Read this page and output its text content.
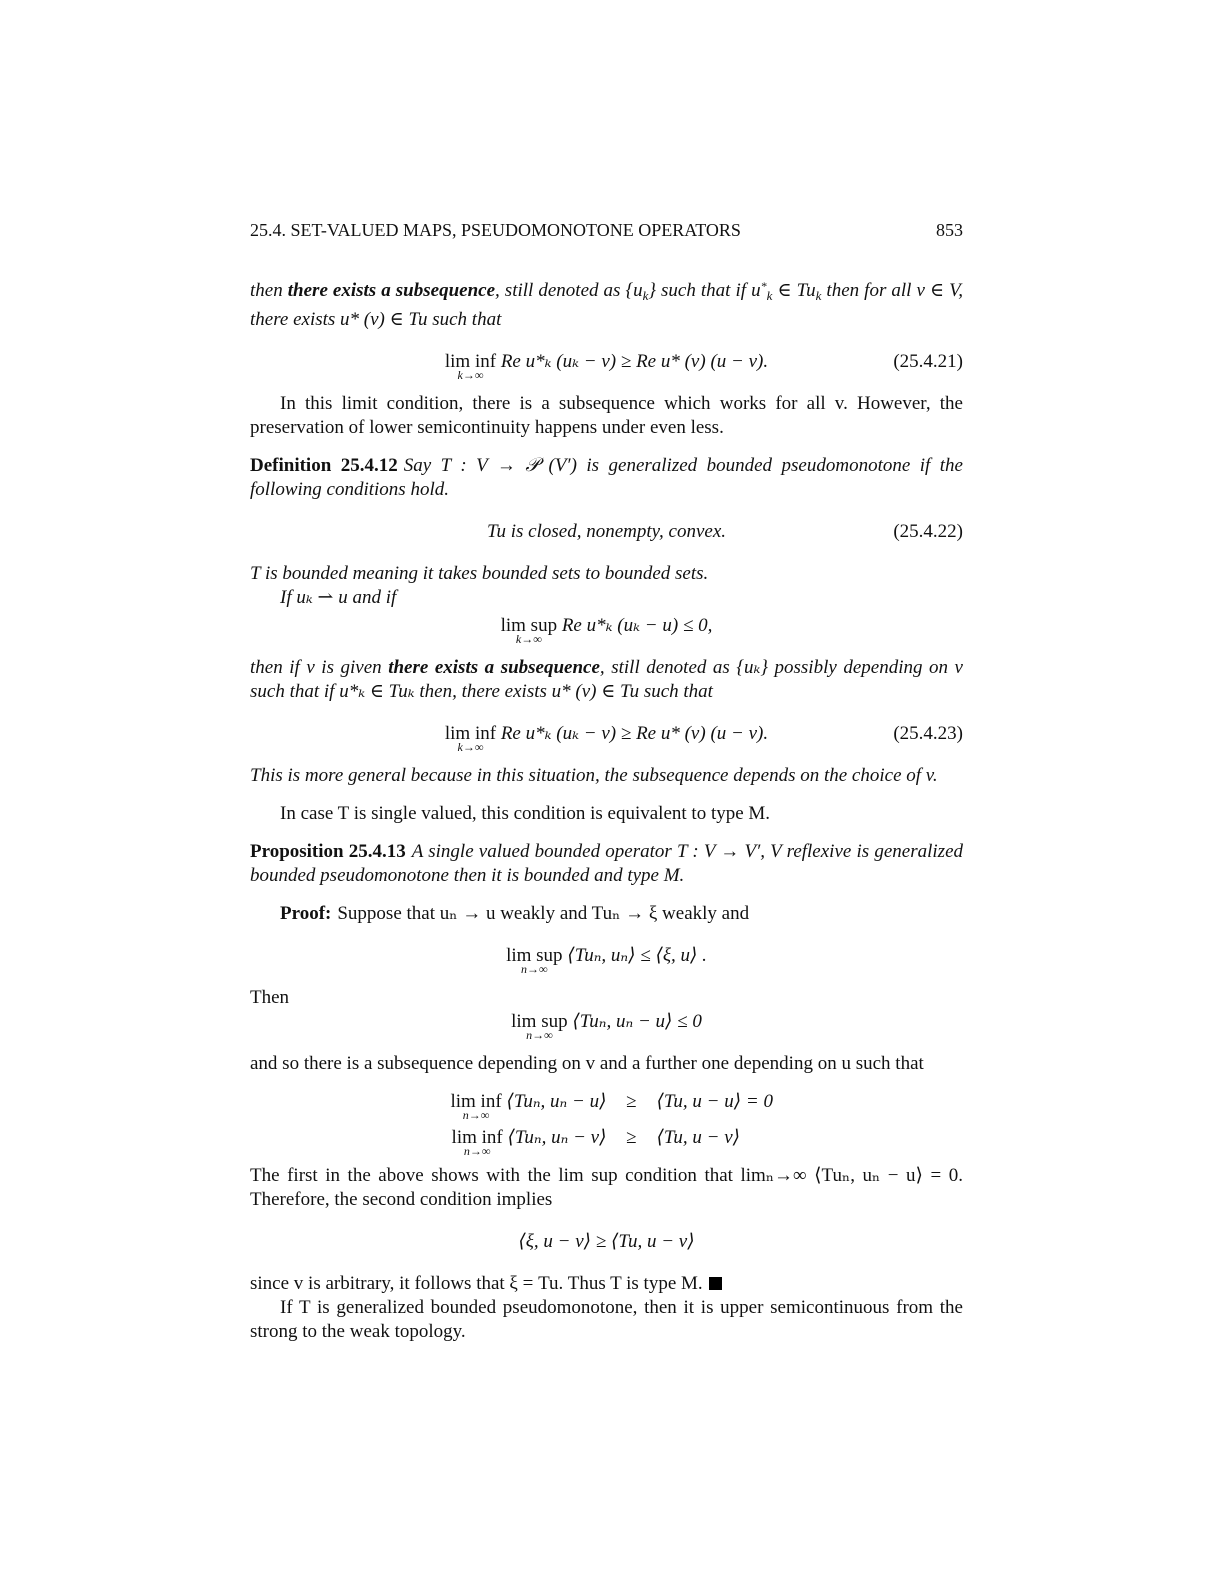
25.4. SET-VALUED MAPS, PSEUDOMONOTONE OPERATORS	853

then there exists a subsequence, still denoted as $\{u_k\}$ such that if $u^*_k$ ∈ $Tu_k$ then for all v ∈ V, there exists u* (v) ∈ Tu such that

lim inf
k→∞
Re u*ₖ (uₖ − v) ≥ Re u* (v) (u − v).	(25.4.21)

In this limit condition, there is a subsequence which works for all v. However, the preservation of lower semicontinuity happens under even less.

Definition 25.4.12 Say T : V → 𝒫 (V′) is generalized bounded pseudomonotone if the following conditions hold.

Tu is closed, nonempty, convex.	(25.4.22)

T is bounded meaning it takes bounded sets to bounded sets.

If uₖ ⇀ u and if

lim sup
k→∞
Re u*ₖ (uₖ − u) ≤ 0,

then if v is given there exists a subsequence, still denoted as {uₖ} possibly depending on v such that if u*ₖ ∈ Tuₖ then, there exists u* (v) ∈ Tu such that

lim inf
k→∞
Re u*ₖ (uₖ − v) ≥ Re u* (v) (u − v).	(25.4.23)

This is more general because in this situation, the subsequence depends on the choice of v.

In case T is single valued, this condition is equivalent to type M.

Proposition 25.4.13 A single valued bounded operator T : V → V′, V reflexive is generalized bounded pseudomonotone then it is bounded and type M.

Proof: Suppose that uₙ → u weakly and Tuₙ → ξ weakly and

lim sup
n→∞
⟨Tuₙ, uₙ⟩ ≤ ⟨ξ, u⟩ .

Then

lim sup
n→∞
⟨Tuₙ, uₙ − u⟩ ≤ 0

and so there is a subsequence depending on v and a further one depending on u such that

lim inf
n→∞
⟨Tuₙ, uₙ − u⟩	≥	⟨Tu, u − u⟩ = 0
lim inf
n→∞
⟨Tuₙ, uₙ − v⟩	≥	⟨Tu, u − v⟩

The first in the above shows with the lim sup condition that limₙ→∞ ⟨Tuₙ, uₙ − u⟩ = 0. Therefore, the second condition implies

⟨ξ, u − v⟩ ≥ ⟨Tu, u − v⟩

since v is arbitrary, it follows that ξ = Tu. Thus T is type M.

If T is generalized bounded pseudomonotone, then it is upper semicontinuous from the strong to the weak topology.
